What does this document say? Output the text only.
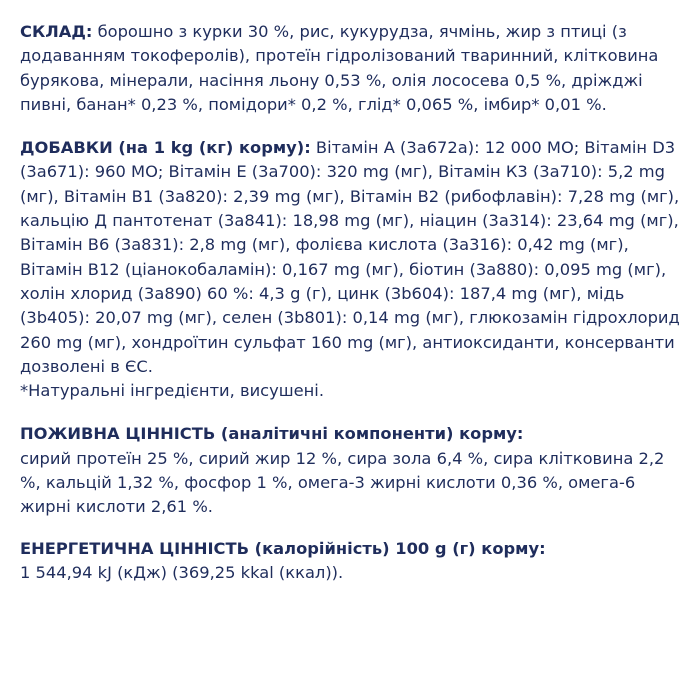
СКЛАД: борошно з курки 30 %, рис, кукурудза, ячмінь, жир з птиці (з додаванням токоферолів), протеїн гідролізований тваринний, клітковина бурякова, мінерали, насіння льону 0,53 %, олія лососева 0,5 %, дріжджі пивні, банан* 0,23 %, помідори* 0,2 %, глід* 0,065 %, імбир* 0,01 %.
ДОБАВКИ (на 1 kg (кг) корму): Вітамін А (3a672a): 12 000 МО; Вітамін D3 (3a671): 960 МО; Вітамін Е (3a700): 320 mg (мг), Вітамін К3 (3a710): 5,2 mg (мг), Вітамін В1 (3a820): 2,39 mg (мг), Вітамін В2 (рибофлавін): 7,28 mg (мг), кальцію Д пантотенат (3a841): 18,98 mg (мг), ніацин (3a314): 23,64 mg (мг), Вітамін В6 (3a831): 2,8 mg (мг), фолієва кислота (3a316): 0,42 mg (мг), Вітамін В12 (ціанокобаламін): 0,167 mg (мг), біотин (3a880): 0,095 mg (мг), холін хлорид (3a890) 60 %: 4,3 g (г), цинк (3b604): 187,4 mg (мг), мідь (3b405): 20,07 mg (мг), селен (3b801): 0,14 mg (мг), глюкозамін гідрохлорид 260 mg (мг), хондроїтин сульфат 160 mg (мг), антиоксиданти, консерванти дозволені в ЄС.
*Натуральні інгредієнти, висушені.
ПОЖИВНА ЦІННІСТЬ (аналітичні компоненти) корму:
сирий протеїн 25 %, сирий жир 12 %, сира зола 6,4 %, сира клітковина 2,2 %, кальцій 1,32 %, фосфор 1 %, омега-3 жирні кислоти 0,36 %, омега-6 жирні кислоти 2,61 %.
ЕНЕРГЕТИЧНА ЦІННІСТЬ (калорійність) 100 g (г) корму:
1 544,94 kJ (кДж) (369,25 kkal (ккал)).
